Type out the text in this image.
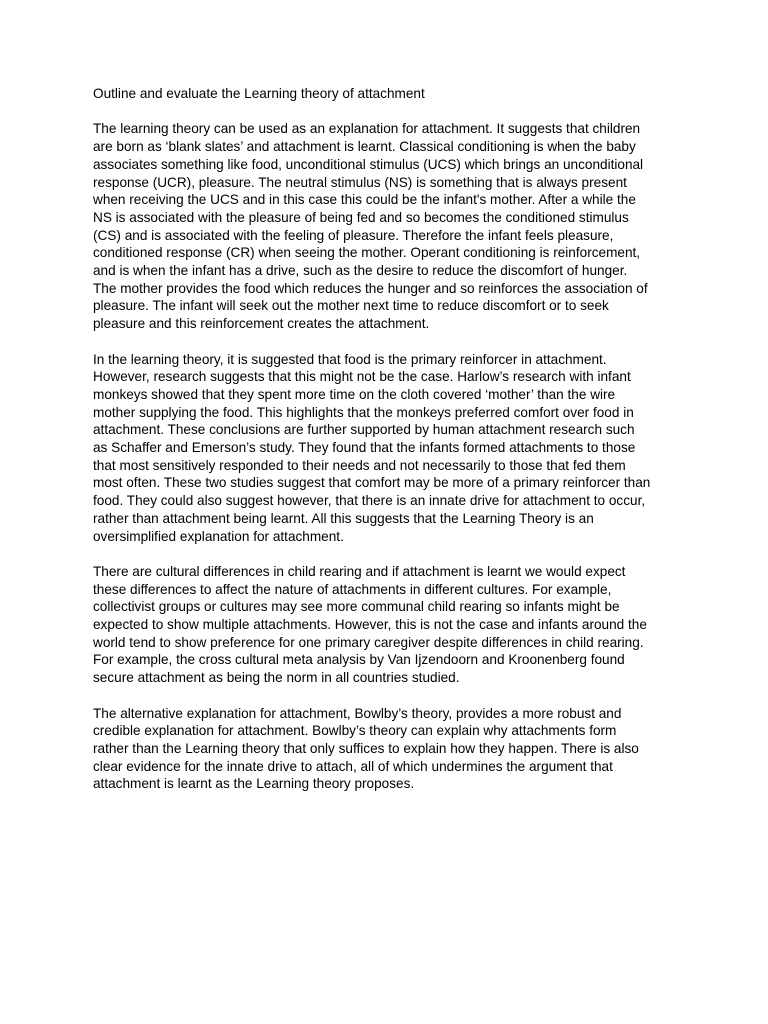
Outline and evaluate the Learning theory of attachment

The learning theory can be used as an explanation for attachment. It suggests that children
are born as ‘blank slates’ and attachment is learnt. Classical conditioning is when the baby
associates something like food, unconditional stimulus (UCS) which brings an unconditional
response (UCR), pleasure. The neutral stimulus (NS) is something that is always present
when receiving the UCS and in this case this could be the infant's mother. After a while the
NS is associated with the pleasure of being fed and so becomes the conditioned stimulus
(CS) and is associated with the feeling of pleasure. Therefore the infant feels pleasure,
conditioned response (CR) when seeing the mother. Operant conditioning is reinforcement,
and is when the infant has a drive, such as the desire to reduce the discomfort of hunger.
The mother provides the food which reduces the hunger and so reinforces the association of
pleasure. The infant will seek out the mother next time to reduce discomfort or to seek
pleasure and this reinforcement creates the attachment.

In the learning theory, it is suggested that food is the primary reinforcer in attachment.
However, research suggests that this might not be the case. Harlow’s research with infant
monkeys showed that they spent more time on the cloth covered ‘mother’ than the wire
mother supplying the food. This highlights that the monkeys preferred comfort over food in
attachment. These conclusions are further supported by human attachment research such
as Schaffer and Emerson’s study. They found that the infants formed attachments to those
that most sensitively responded to their needs and not necessarily to those that fed them
most often. These two studies suggest that comfort may be more of a primary reinforcer than
food. They could also suggest however, that there is an innate drive for attachment to occur,
rather than attachment being learnt. All this suggests that the Learning Theory is an
oversimplified explanation for attachment.

There are cultural differences in child rearing and if attachment is learnt we would expect
these differences to affect the nature of attachments in different cultures. For example,
collectivist groups or cultures may see more communal child rearing so infants might be
expected to show multiple attachments. However, this is not the case and infants around the
world tend to show preference for one primary caregiver despite differences in child rearing.
For example, the cross cultural meta analysis by Van Ijzendoorn and Kroonenberg found
secure attachment as being the norm in all countries studied.

The alternative explanation for attachment, Bowlby’s theory, provides a more robust and
credible explanation for attachment. Bowlby’s theory can explain why attachments form
rather than the Learning theory that only suffices to explain how they happen. There is also
clear evidence for the innate drive to attach, all of which undermines the argument that
attachment is learnt as the Learning theory proposes.
